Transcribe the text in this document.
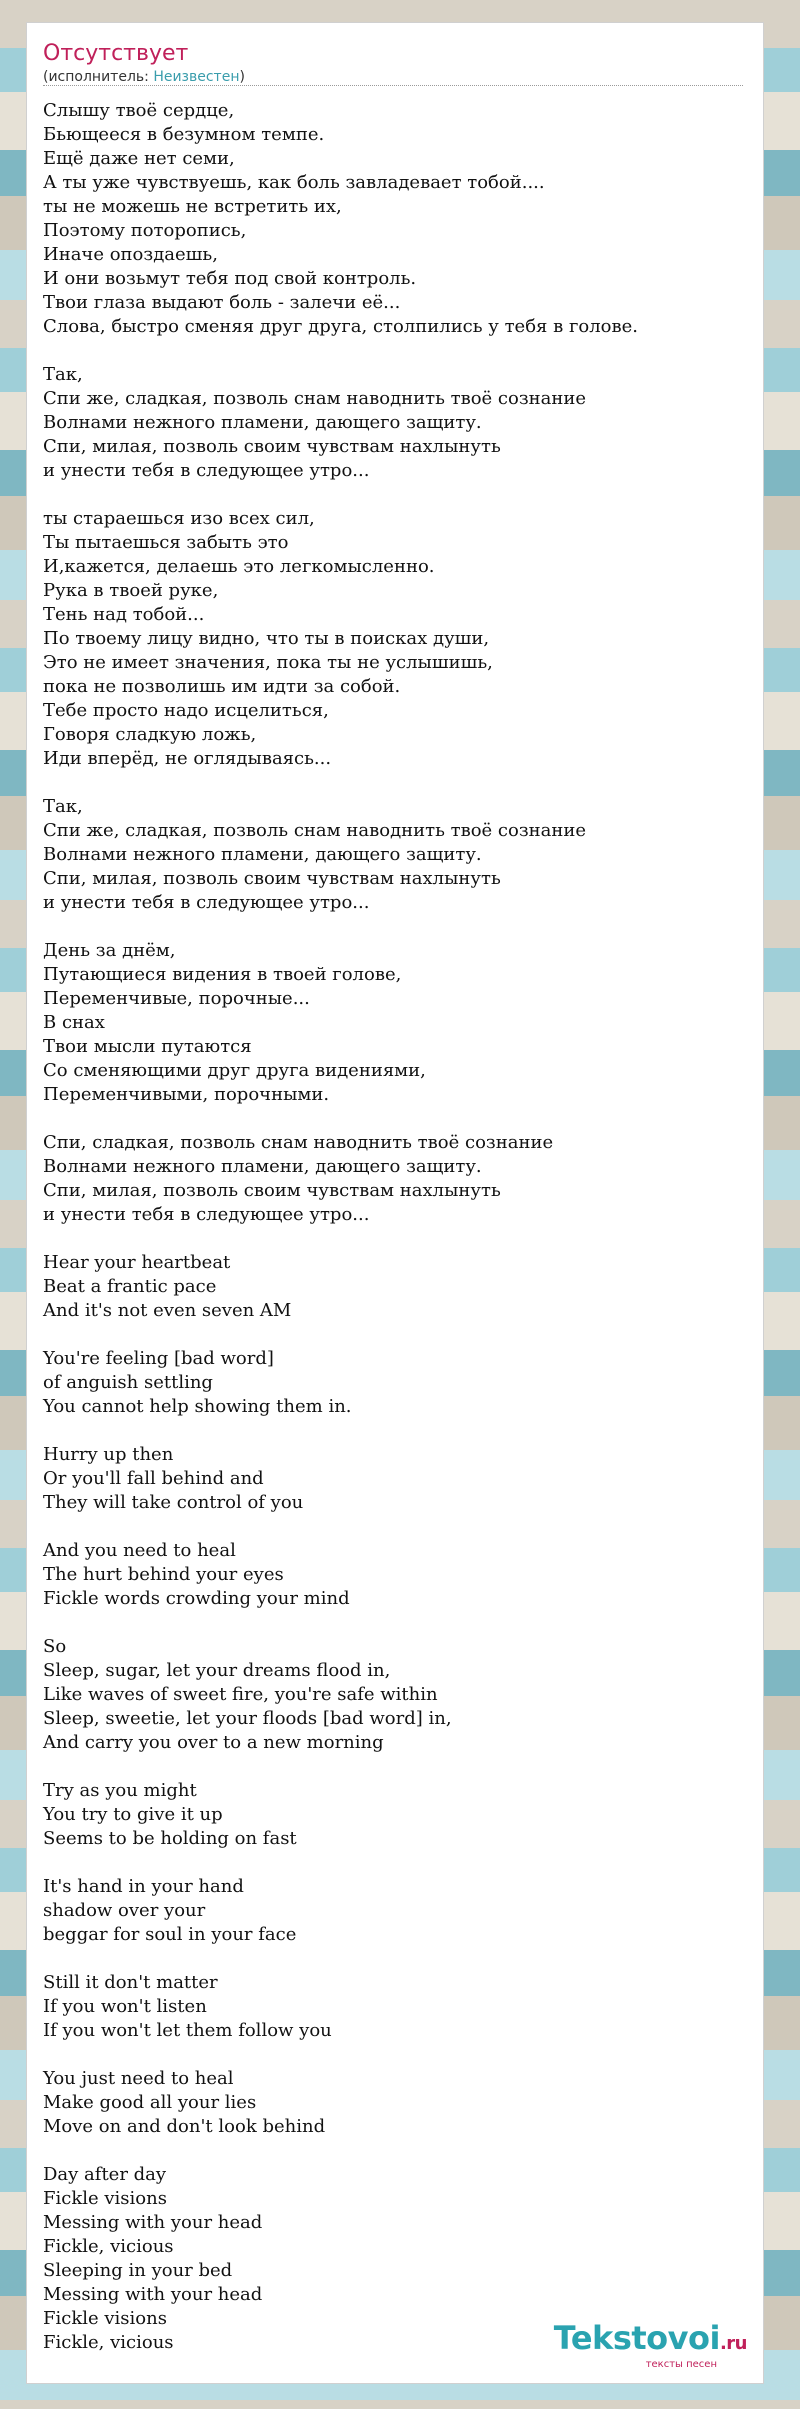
Отсутствует
(исполнитель: Неизвестен)
Слышу твоё сердце,
Бьющееся в безумном темпе.
Ещё даже нет семи,
А ты уже чувствуешь, как боль завладевает тобой....
ты не можешь не встретить их,
Поэтому поторопись,
Иначе опоздаешь,
И они возьмут тебя под свой контроль.
Твои глаза выдают боль - залечи её...
Слова, быстро сменяя друг друга, столпились у тебя в голове.
Так,
Спи же, сладкая, позволь снам наводнить твоё сознание
Волнами нежного пламени, дающего защиту.
Спи, милая, позволь своим чувствам нахлынуть
и унести тебя в следующее утро...
ты стараешься изо всех сил,
Ты пытаешься забыть это
И,кажется, делаешь это легкомысленно.
Рука в твоей руке,
Тень над тобой...
По твоему лицу видно, что ты в поисках души,
Это не имеет значения, пока ты не услышишь,
пока не позволишь им идти за собой.
Тебе просто надо исцелиться,
Говоря сладкую ложь,
Иди вперёд, не оглядываясь...
Так,
Спи же, сладкая, позволь снам наводнить твоё сознание
Волнами нежного пламени, дающего защиту.
Спи, милая, позволь своим чувствам нахлынуть
и унести тебя в следующее утро...
День за днём,
Путающиеся видения в твоей голове,
Переменчивые, порочные...
В снах
Твои мысли путаются
Со сменяющими друг друга видениями,
Переменчивыми, порочными.
Спи, сладкая, позволь снам наводнить твоё сознание
Волнами нежного пламени, дающего защиту.
Спи, милая, позволь своим чувствам нахлынуть
и унести тебя в следующее утро...
Hear your heartbeat
Beat a frantic pace
And it's not even seven AM
You're feeling [bad word]
of anguish settling
You cannot help showing them in.
Hurry up then
Or you'll fall behind and
They will take control of you
And you need to heal
The hurt behind your eyes
Fickle words crowding your mind
So
Sleep, sugar, let your dreams flood in,
Like waves of sweet fire, you're safe within
Sleep, sweetie, let your floods [bad word] in,
And carry you over to a new morning
Try as you might
You try to give it up
Seems to be holding on fast
It's hand in your hand
shadow over your
beggar for soul in your face
Still it don't matter
If you won't listen
If you won't let them follow you
You just need to heal
Make good all your lies
Move on and don't look behind
Day after day
Fickle visions
Messing with your head
Fickle, vicious
Sleeping in your bed
Messing with your head
Fickle visions
Fickle, vicious	Tekstovoi.ru
тексты песен
